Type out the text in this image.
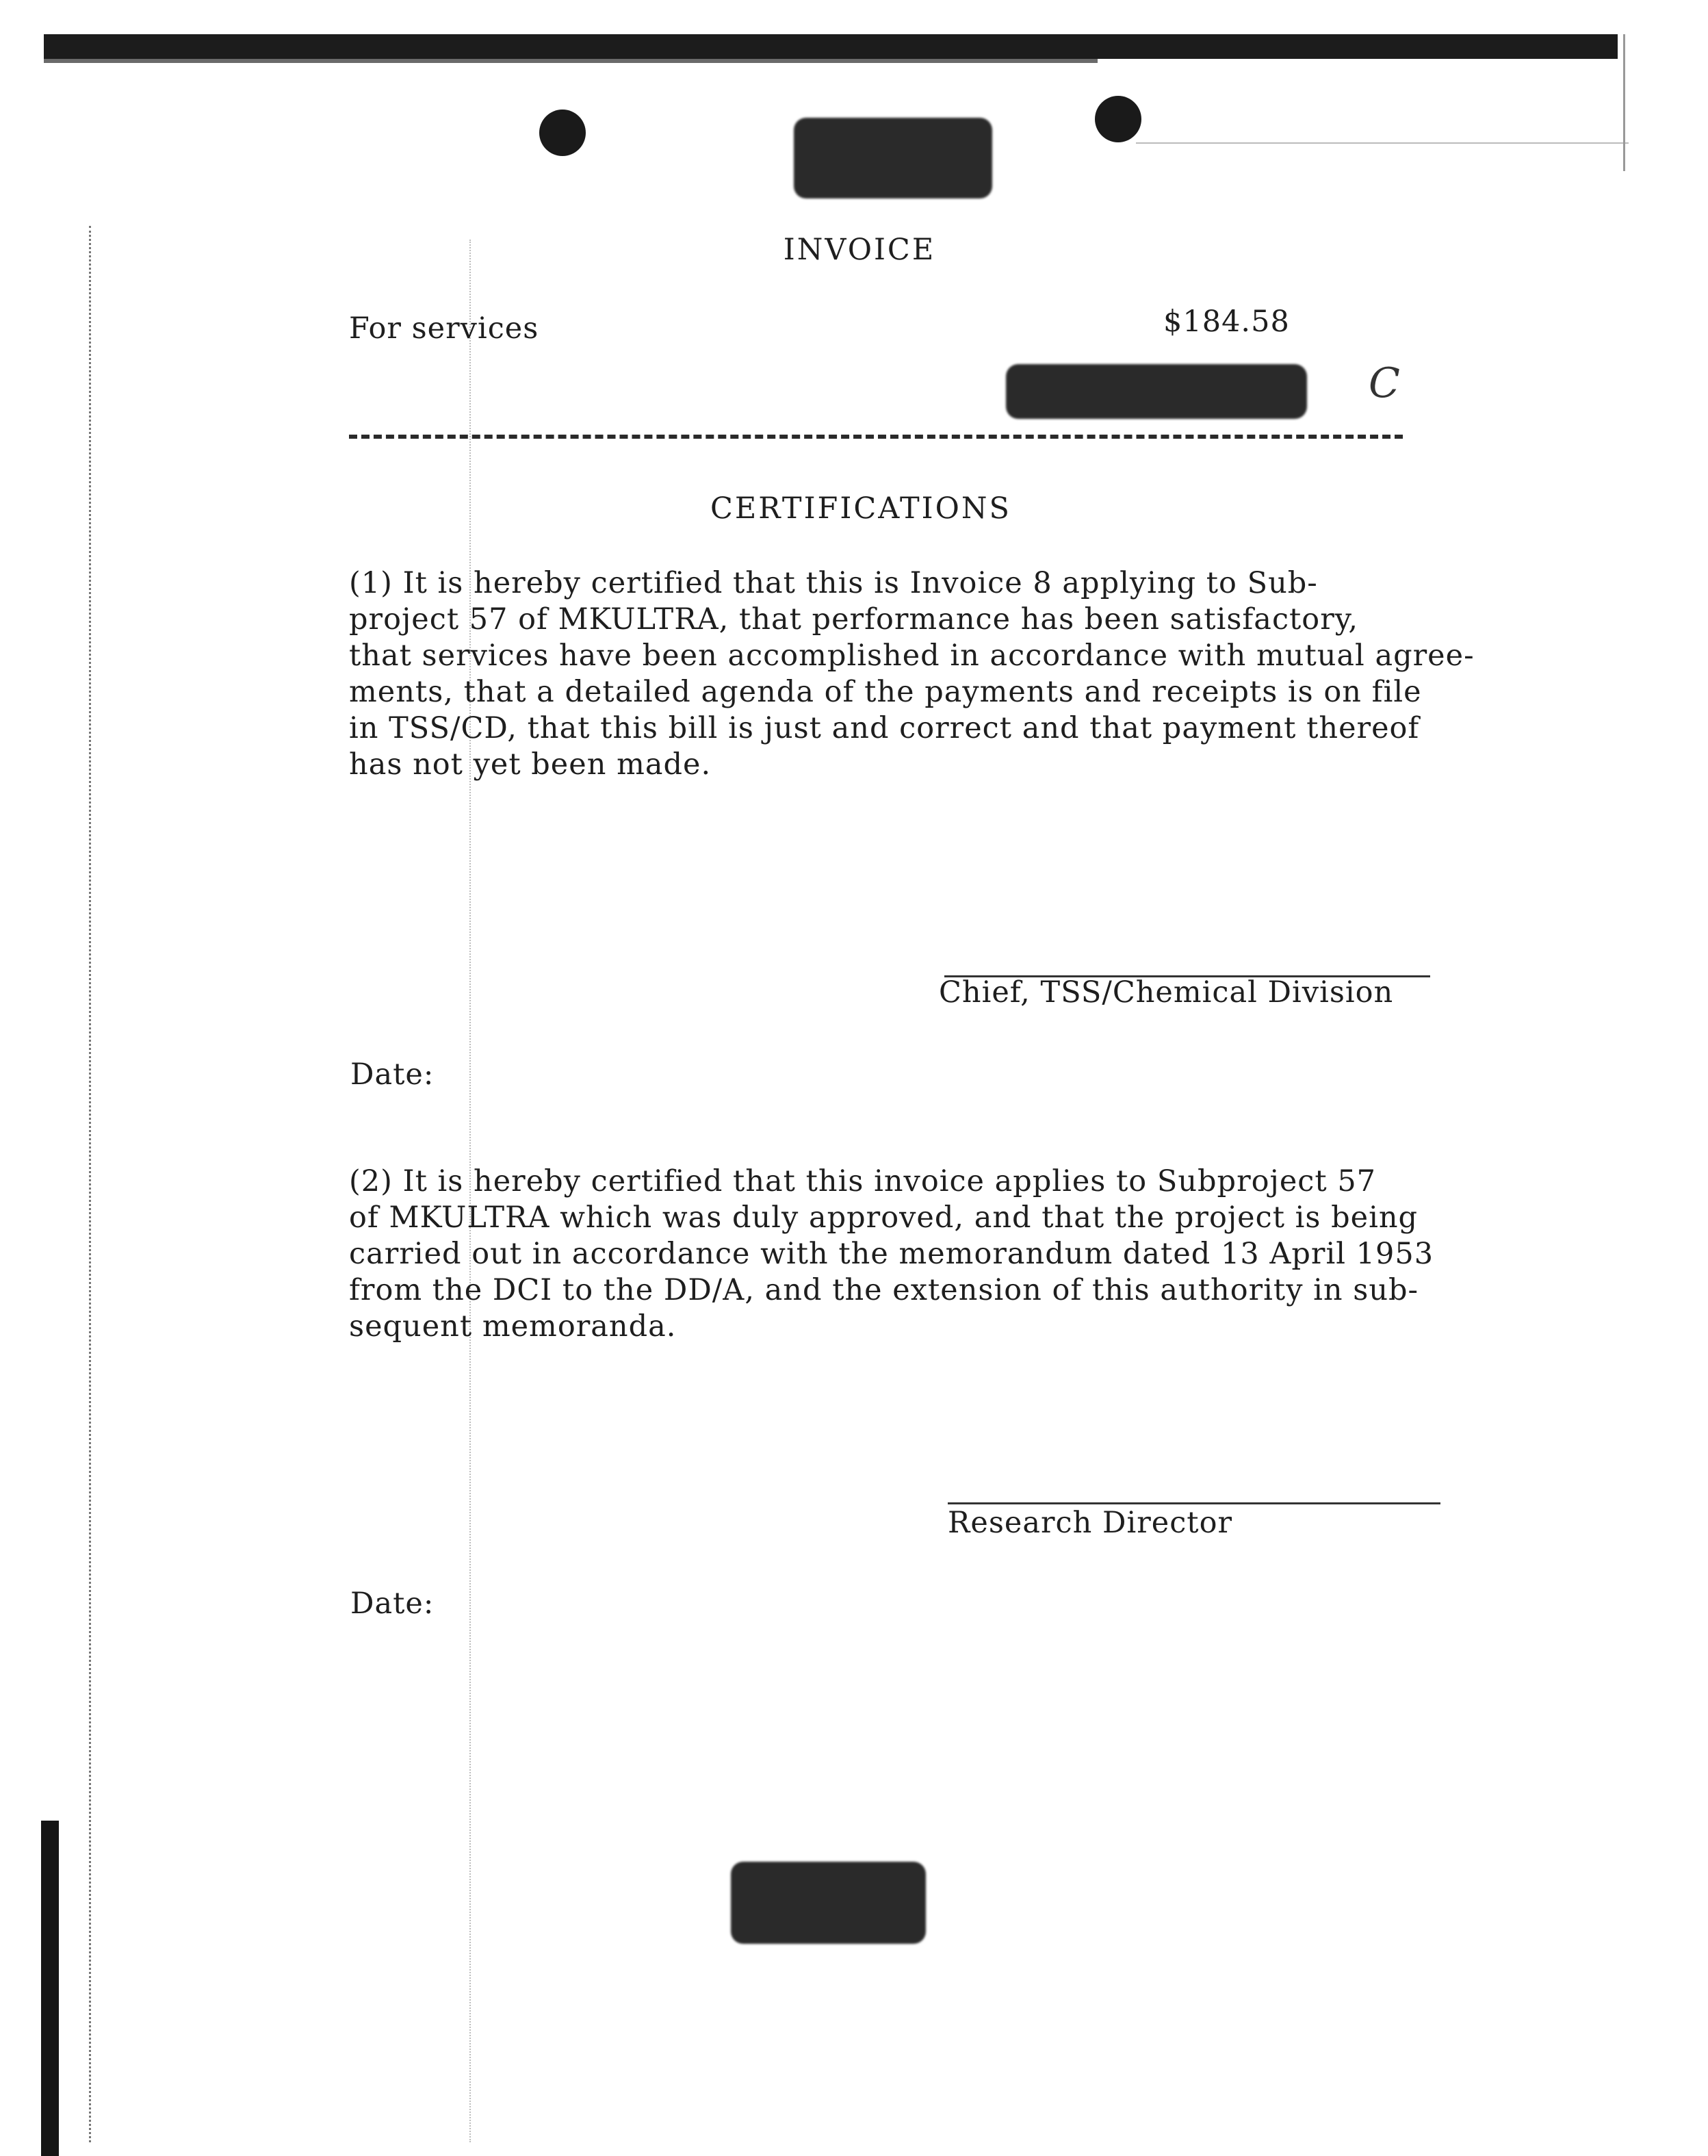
INVOICE
For services	$184.58
C
CERTIFICATIONS
(1) It is hereby certified that this is Invoice 8 applying to Sub-
project 57 of MKULTRA, that performance has been satisfactory,
that services have been accomplished in accordance with mutual agree-
ments, that a detailed agenda of the payments and receipts is on file
in TSS/CD, that this bill is just and correct and that payment thereof
has not yet been made.
Chief, TSS/Chemical Division
Date:
(2) It is hereby certified that this invoice applies to Subproject 57
of MKULTRA which was duly approved, and that the project is being
carried out in accordance with the memorandum dated 13 April 1953
from the DCI to the DD/A, and the extension of this authority in sub-
sequent memoranda.
Research Director
Date:
